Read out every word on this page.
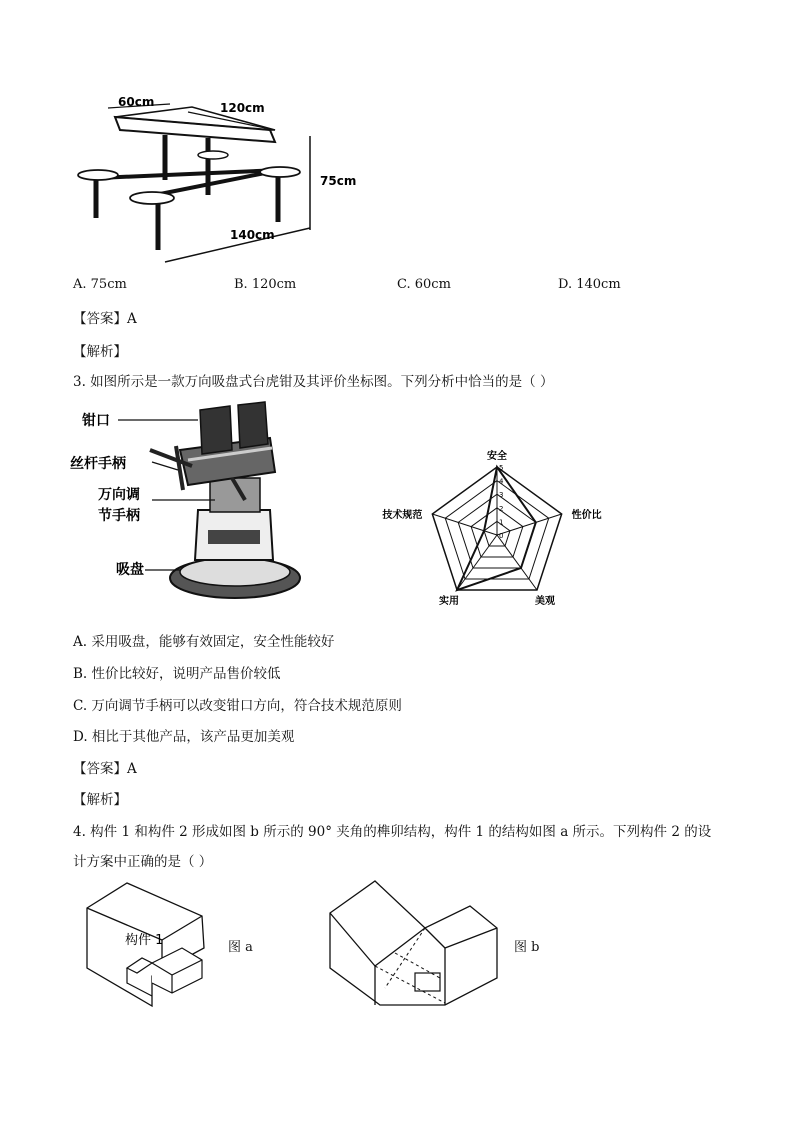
60cm	120cm
75cm
140cm
A. 75cm	B. 120cm	C. 60cm	D. 140cm
【答案】A
【解析】
3. 如图所示是一款万向吸盘式台虎钳及其评价坐标图。下列分析中恰当的是（ ）
钳口
丝杆手柄
万向调
节手柄
吸盘
0
1
2
3
4
5
安全
性价比
美观
实用
技术规范
A. 采用吸盘，能够有效固定，安全性能较好
B. 性价比较好，说明产品售价较低
C. 万向调节手柄可以改变钳口方向，符合技术规范原则
D. 相比于其他产品，该产品更加美观
【答案】A
【解析】
4. 构件 1 和构件 2 形成如图 b 所示的 90° 夹角的榫卯结构，构件 1 的结构如图 a 所示。下列构件 2 的设
计方案中正确的是（ ）
构件 1	图 a	图 b
